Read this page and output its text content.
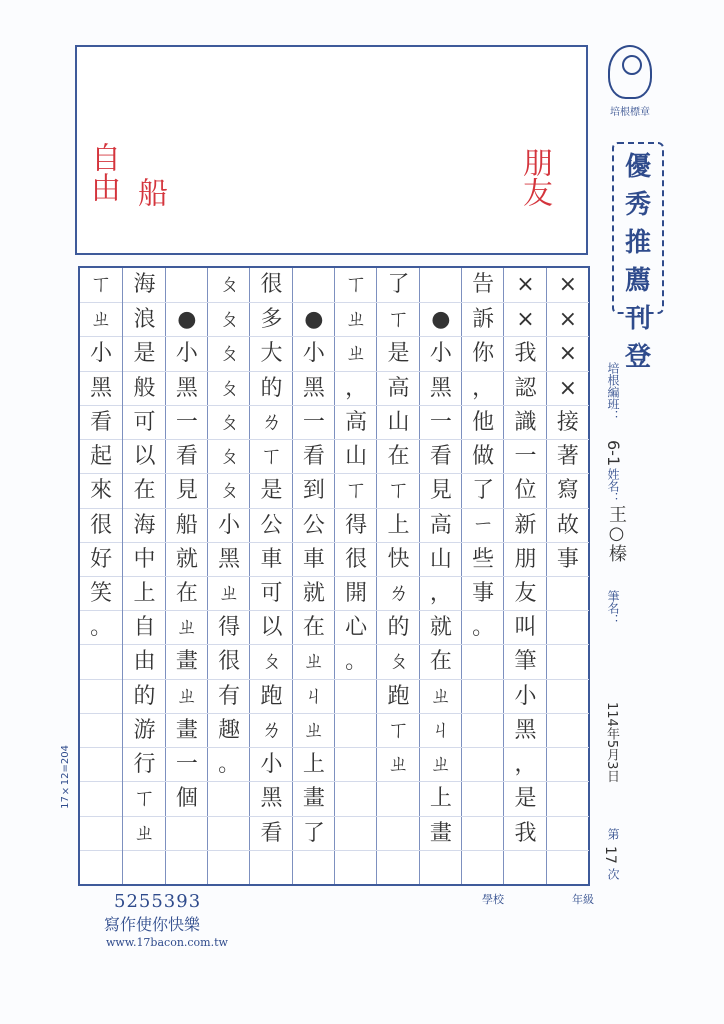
自由 船	朋友
培根標章
優
秀
推
薦
刊
登
培根編班：
6-1
姓名：
王○榛
筆名：
114年5月3日
第
17
次
17×12=204
×
×
×
×
接
著
寫
故
事
×
×
我
認
識
一
位
新
朋
友
叫
筆
小
黑
，
是
我
告
訴
你
，
他
做
了
ㄧ
些
事
。
●
小
黑
一
看
見
高
山
，
就
在
ㄓ
ㄐ
ㄓ
上
畫
了
ㄒ
是
高
山
在
ㄒ
上
快
ㄌ
的
ㄆ
跑
ㄒ
ㄓ
ㄒ
ㄓ
ㄓ
，
高
山
ㄒ
得
很
開
心
。
●
小
黑
一
看
到
公
車
就
在
ㄓ
ㄐ
ㄓ
上
畫
了
很
多
大
的
ㄌ
ㄒ
是
公
車
可
以
ㄆ
跑
ㄌ
小
黑
看
ㄆ
ㄆ
ㄆ
ㄆ
ㄆ
ㄆ
ㄆ
小
黑
ㄓ
得
很
有
趣
。
●
小
黑
一
看
見
船
就
在
ㄓ
畫
ㄓ
畫
一
個
海
浪
是
般
可
以
在
海
中
上
自
由
的
游
行
ㄒ
ㄓ
ㄒ
ㄓ
小
黑
看
起
來
很
好
笑
。
5255393
寫作使你快樂
www.17bacon.com.tw
學校	年級
